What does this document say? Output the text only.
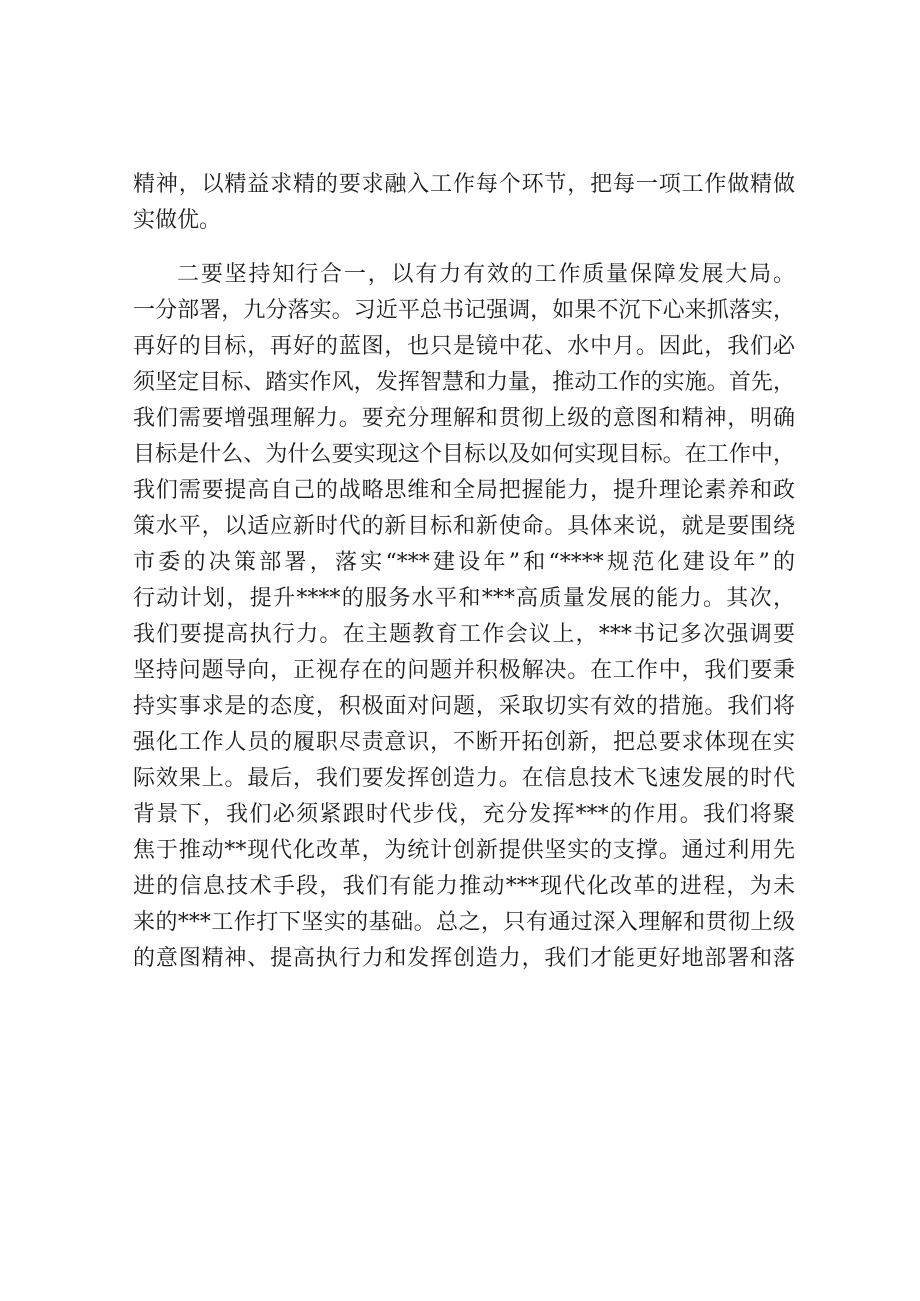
精神，以精益求精的要求融入工作每个环节，把每一项工作做精做
实做优。
二要坚持知行合一，以有力有效的工作质量保障发展大局。
一分部署，九分落实。习近平总书记强调，如果不沉下心来抓落实，
再好的目标，再好的蓝图，也只是镜中花、水中月。因此，我们必
须坚定目标、踏实作风，发挥智慧和力量，推动工作的实施。首先，
我们需要增强理解力。要充分理解和贯彻上级的意图和精神，明确
目标是什么、为什么要实现这个目标以及如何实现目标。在工作中，
我们需要提高自己的战略思维和全局把握能力，提升理论素养和政
策水平，以适应新时代的新目标和新使命。具体来说，就是要围绕
市委的决策部署，落实“***建设年”和“****规范化建设年”的
行动计划，提升****的服务水平和***高质量发展的能力。其次，
我们要提高执行力。在主题教育工作会议上，***书记多次强调要
坚持问题导向，正视存在的问题并积极解决。在工作中，我们要秉
持实事求是的态度，积极面对问题，采取切实有效的措施。我们将
强化工作人员的履职尽责意识，不断开拓创新，把总要求体现在实
际效果上。最后，我们要发挥创造力。在信息技术飞速发展的时代
背景下，我们必须紧跟时代步伐，充分发挥***的作用。我们将聚
焦于推动**现代化改革，为统计创新提供坚实的支撑。通过利用先
进的信息技术手段，我们有能力推动***现代化改革的进程，为未
来的***工作打下坚实的基础。总之，只有通过深入理解和贯彻上级
的意图精神、提高执行力和发挥创造力，我们才能更好地部署和落
